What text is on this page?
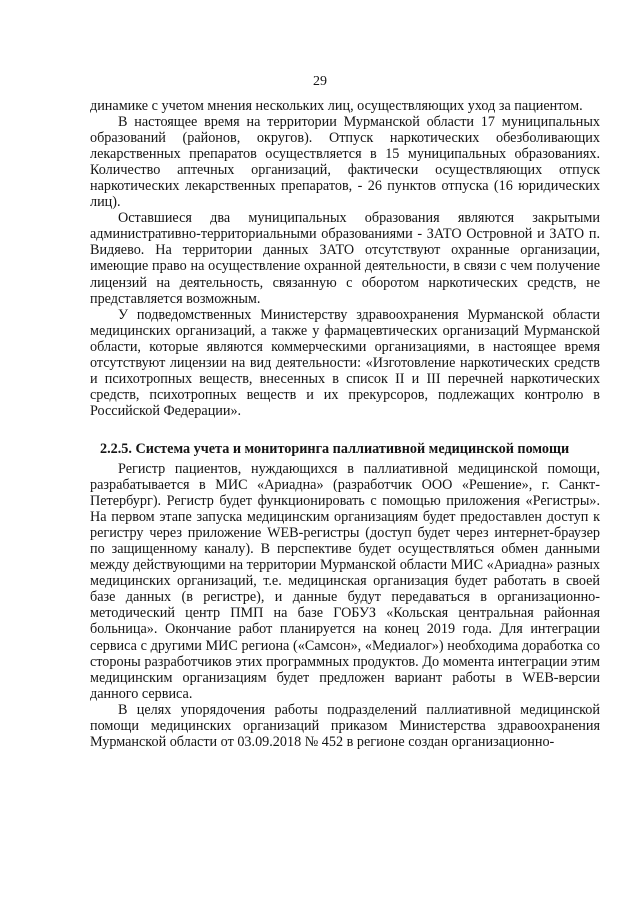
29

динамике с учетом мнения нескольких лиц, осуществляющих уход за пациентом.

В настоящее время на территории Мурманской области 17 муниципальных образований (районов, округов). Отпуск наркотических обезболивающих лекарственных препаратов осуществляется в 15 муниципальных образованиях. Количество аптечных организаций, фактически осуществляющих отпуск наркотических лекарственных препаратов, - 26 пунктов отпуска (16 юридических лиц).

Оставшиеся два муниципальных образования являются закрытыми административно-территориальными образованиями - ЗАТО Островной и ЗАТО п. Видяево. На территории данных ЗАТО отсутствуют охранные организации, имеющие право на осуществление охранной деятельности, в связи с чем получение лицензий на деятельность, связанную с оборотом наркотических средств, не представляется возможным.

У подведомственных Министерству здравоохранения Мурманской области медицинских организаций, а также у фармацевтических организаций Мурманской области, которые являются коммерческими организациями, в настоящее время отсутствуют лицензии на вид деятельности: «Изготовление наркотических средств и психотропных веществ, внесенных в список II и III перечней наркотических средств, психотропных веществ и их прекурсоров, подлежащих контролю в Российской Федерации».

2.2.5. Система учета и мониторинга паллиативной медицинской помощи

Регистр пациентов, нуждающихся в паллиативной медицинской помощи, разрабатывается в МИС «Ариадна» (разработчик ООО «Решение», г. Санкт-Петербург). Регистр будет функционировать с помощью приложения «Регистры». На первом этапе запуска медицинским организациям будет предоставлен доступ к регистру через приложение WEB-регистры (доступ будет через интернет-браузер по защищенному каналу). В перспективе будет осуществляться обмен данными между действующими на территории Мурманской области МИС «Ариадна» разных медицинских организаций, т.е. медицинская организация будет работать в своей базе данных (в регистре), и данные будут передаваться в организационно-методический центр ПМП на базе ГОБУЗ «Кольская центральная районная больница». Окончание работ планируется на конец 2019 года. Для интеграции сервиса с другими МИС региона («Самсон», «Медиалог») необходима доработка со стороны разработчиков этих программных продуктов. До момента интеграции этим медицинским организациям будет предложен вариант работы в WEB-версии данного сервиса.

В целях упорядочения работы подразделений паллиативной медицинской помощи медицинских организаций приказом Министерства здравоохранения Мурманской области от 03.09.2018 № 452 в регионе создан организационно-
